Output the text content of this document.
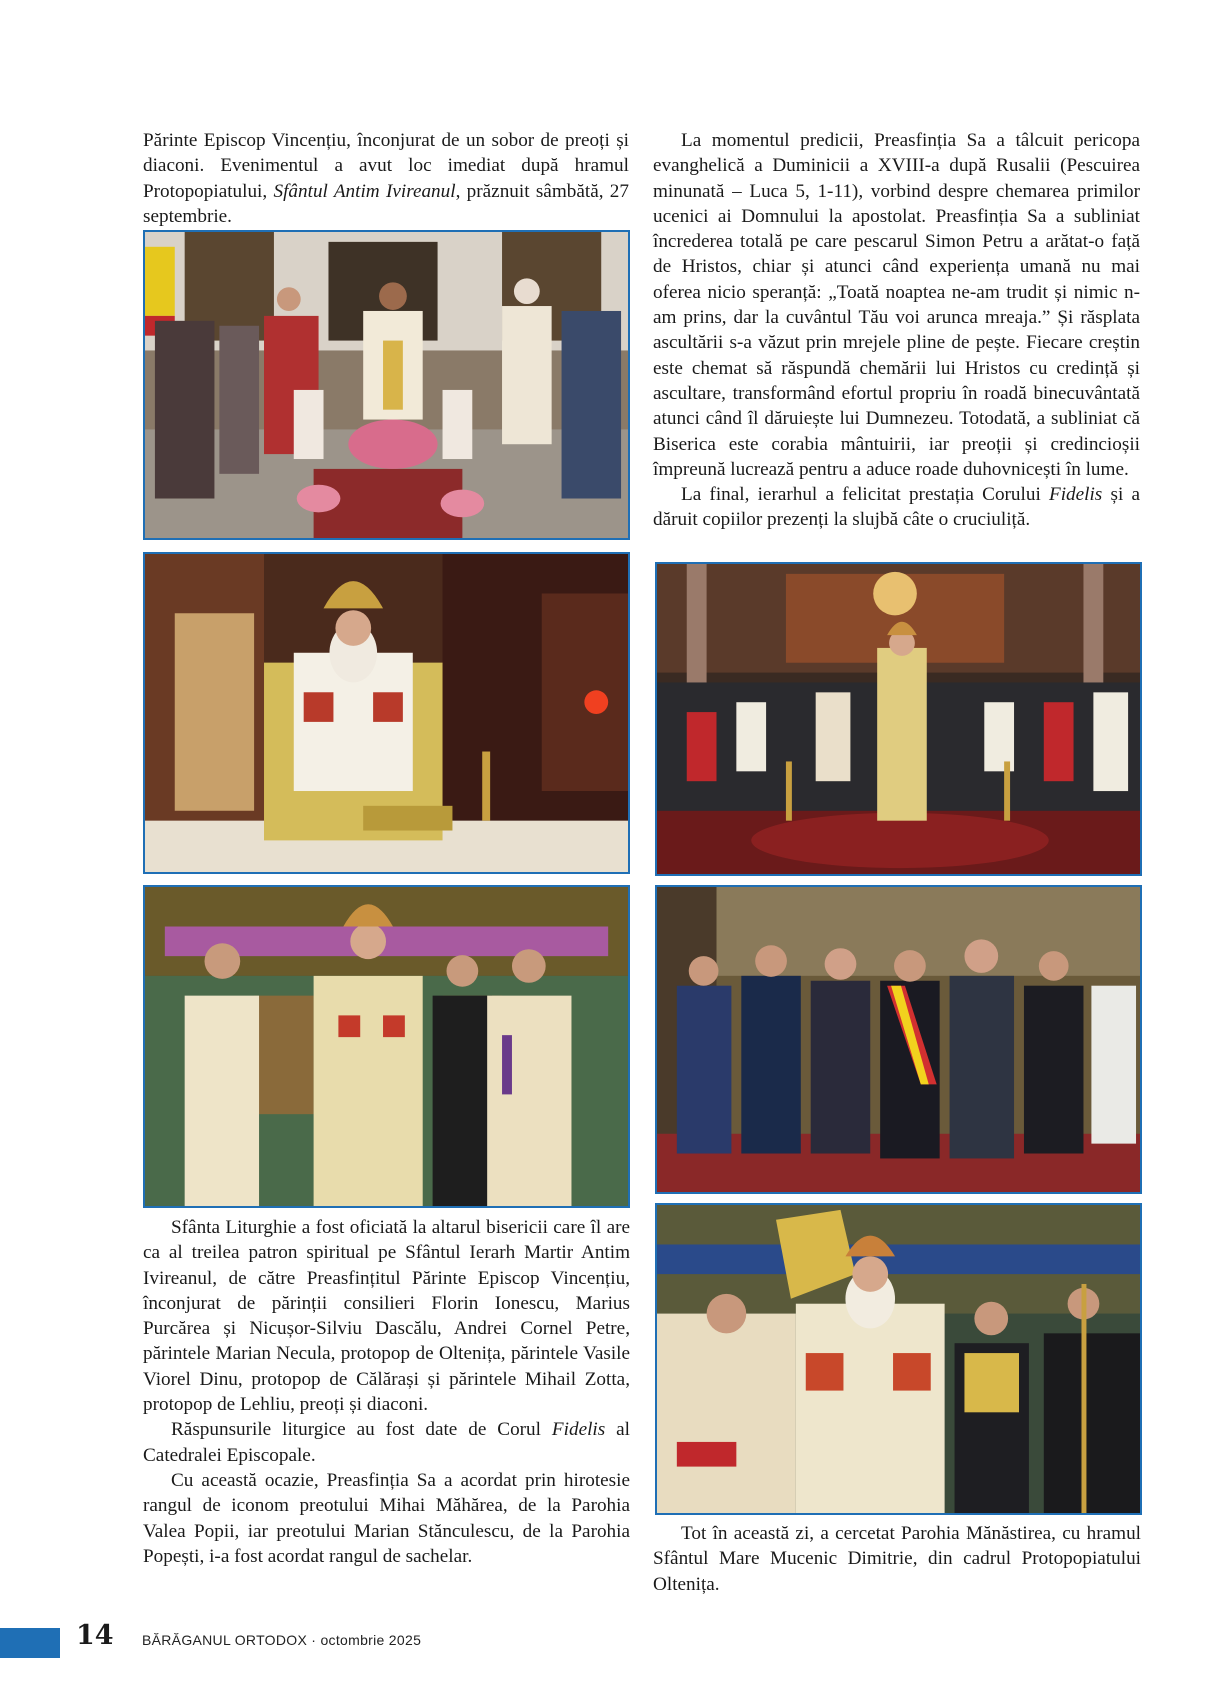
Părinte Episcop Vincențiu, înconjurat de un sobor de preoți și diaconi. Evenimentul a avut loc imediat după hramul Protopopiatului, Sfântul Antim Ivireanul, prăznuit sâmbătă, 27 septembrie.

La momentul predicii, Preasfinția Sa a tâlcuit pericopa evanghelică a Duminicii a XVIII-a după Rusalii (Pescuirea minunată – Luca 5, 1-11), vorbind despre chemarea primilor ucenici ai Domnului la apostolat. Preasfinția Sa a subliniat încrederea totală pe care pescarul Simon Petru a arătat-o față de Hristos, chiar și atunci când experiența umană nu mai oferea nicio speranță: „Toată noaptea ne-am trudit și nimic n-am prins, dar la cuvântul Tău voi arunca mreaja.” Și răsplata ascultării s-a văzut prin mrejele pline de pește. Fiecare creștin este chemat să răspundă chemării lui Hristos cu credință și ascultare, transformând efortul propriu în roadă binecuvântată atunci când îl dăruiește lui Dumnezeu. Totodată, a subliniat că Biserica este corabia mântuirii, iar preoții și credincioșii împreună lucrează pentru a aduce roade duhovnicești în lume.

La final, ierarhul a felicitat prestația Corului Fidelis și a dăruit copiilor prezenți la slujbă câte o cruciuliță.

Sfânta Liturghie a fost oficiată la altarul bisericii care îl are ca al treilea patron spiritual pe Sfântul Ierarh Martir Antim Ivireanul, de către Preasfințitul Părinte Episcop Vincențiu, înconjurat de părinții consilieri Florin Ionescu, Marius Purcărea și Nicușor-Silviu Dascălu, Andrei Cornel Petre, părintele Marian Necula, protopop de Oltenița, părintele Vasile Viorel Dinu, protopop de Călărași și părintele Mihail Zotta, protopop de Lehliu, preoți și diaconi.

Răspunsurile liturgice au fost date de Corul Fidelis al Catedralei Episcopale.

Cu această ocazie, Preasfinția Sa a acordat prin hirotesie rangul de iconom preotului Mihai Măhărea, de la Parohia Valea Popii, iar preotului Marian Stănculescu, de la Parohia Popești, i-a fost acordat rangul de sachelar.

Tot în această zi, a cercetat Parohia Mănăstirea, cu hramul Sfântul Mare Mucenic Dimitrie, din cadrul Protopopiatului Oltenița.

14 BĂRĂGANUL ORTODOX · octombrie 2025
